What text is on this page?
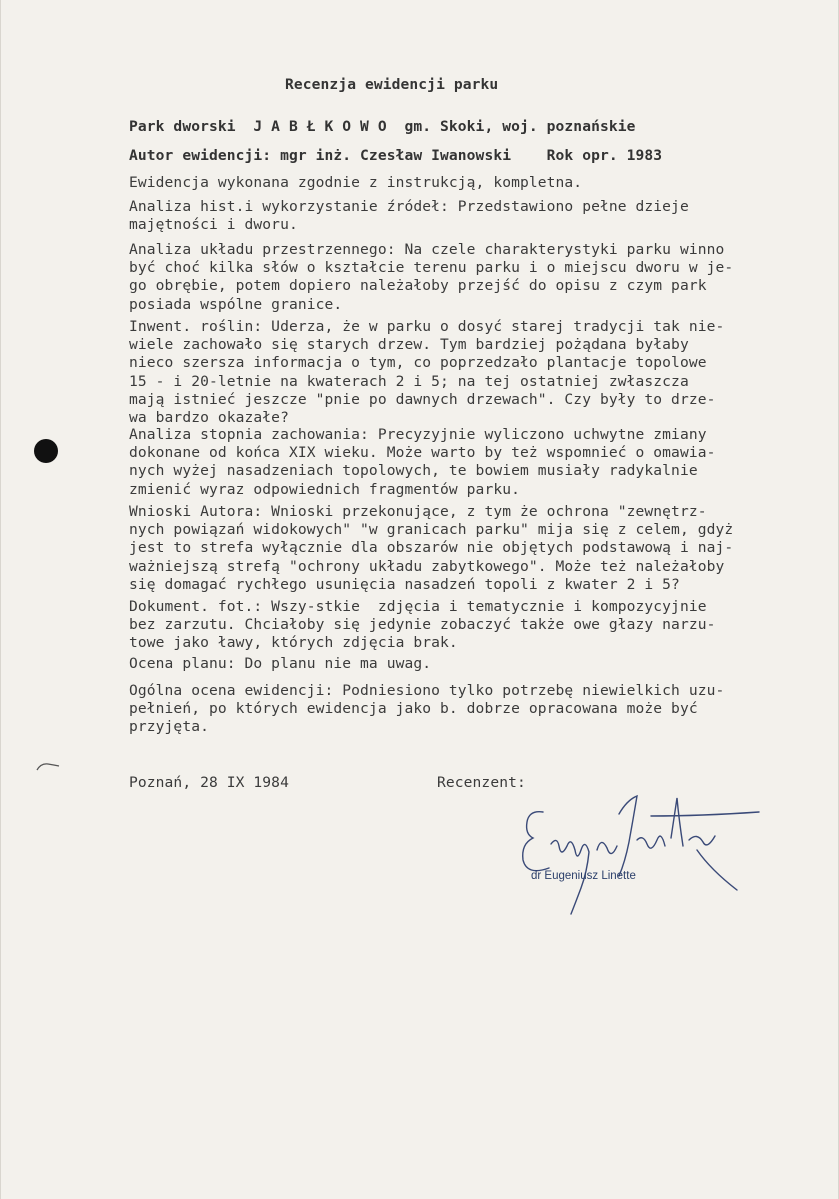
Recenzja ewidencji parku
Park dworski  J A B Ł K O W O  gm. Skoki, woj. poznańskie
Autor ewidencji: mgr inż. Czesław Iwanowski    Rok opr. 1983
Ewidencja wykonana zgodnie z instrukcją, kompletna.
Analiza hist.i wykorzystanie źródeł: Przedstawiono pełne dzieje
majętności i dworu.
Analiza układu przestrzennego: Na czele charakterystyki parku winno
być choć kilka słów o kształcie terenu parku i o miejscu dworu w je-
go obrębie, potem dopiero należałoby przejść do opisu z czym park
posiada wspólne granice.
Inwent. roślin: Uderza, że w parku o dosyć starej tradycji tak nie-
wiele zachowało się starych drzew. Tym bardziej pożądana byłaby
nieco szersza informacja o tym, co poprzedzało plantacje topolowe
15 - i 20-letnie na kwaterach 2 i 5; na tej ostatniej zwłaszcza
mają istnieć jeszcze "pnie po dawnych drzewach". Czy były to drze-
wa bardzo okazałe?
Analiza stopnia zachowania: Precyzyjnie wyliczono uchwytne zmiany
dokonane od końca XIX wieku. Może warto by też wspomnieć o omawia-
nych wyżej nasadzeniach topolowych, te bowiem musiały radykalnie
zmienić wyraz odpowiednich fragmentów parku.
Wnioski Autora: Wnioski przekonujące, z tym że ochrona "zewnętrz-
nych powiązań widokowych" "w granicach parku" mija się z celem, gdyż
jest to strefa wyłącznie dla obszarów nie objętych podstawową i naj-
ważniejszą strefą "ochrony układu zabytkowego". Może też należałoby
się domagać rychłego usunięcia nasadzeń topoli z kwater 2 i 5?
Dokument. fot.: Wszy-stkie  zdjęcia i tematycznie i kompozycyjnie
bez zarzutu. Chciałoby się jedynie zobaczyć także owe głazy narzu-
towe jako ławy, których zdjęcia brak.
Ocena planu: Do planu nie ma uwag.
Ogólna ocena ewidencji: Podniesiono tylko potrzebę niewielkich uzu-
pełnień, po których ewidencja jako b. dobrze opracowana może być
przyjęta.
Poznań, 28 IX 1984	Recenzent:
dr Eugeniusz Linette
